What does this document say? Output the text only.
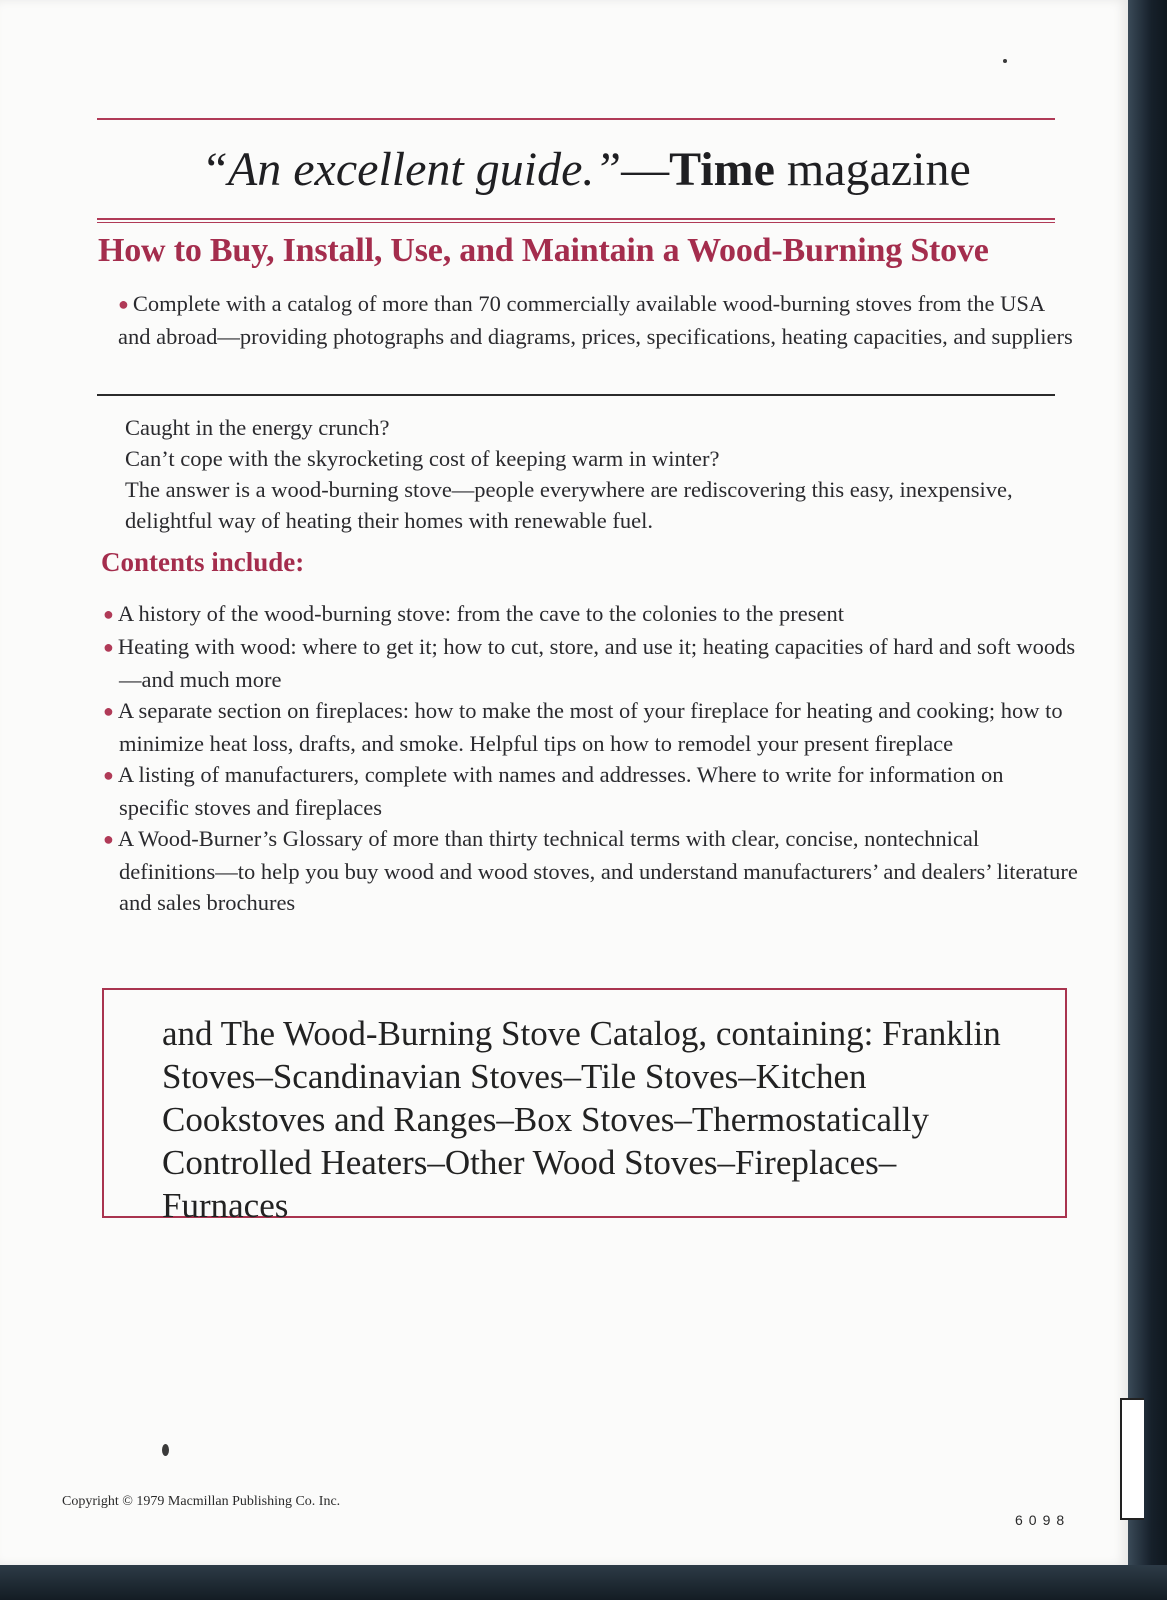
“An excellent guide.”—Time magazine
How to Buy, Install, Use, and Maintain a Wood-Burning Stove
● Complete with a catalog of more than 70 commercially available wood-burning stoves from the USA and abroad—providing photographs and diagrams, prices, specifications, heating capacities, and suppliers

Caught in the energy crunch?

Can’t cope with the skyrocketing cost of keeping warm in winter?

The answer is a wood-burning stove—people everywhere are rediscovering this easy, inexpensive, delightful way of heating their homes with renewable fuel.

Contents include:
● A history of the wood-burning stove: from the cave to the colonies to the present
● Heating with wood: where to get it; how to cut, store, and use it; heating capacities of hard and soft woods—and much more
● A separate section on fireplaces: how to make the most of your fireplace for heating and cooking; how to minimize heat loss, drafts, and smoke. Helpful tips on how to remodel your present fireplace
● A listing of manufacturers, complete with names and addresses. Where to write for information on specific stoves and fireplaces
● A Wood-Burner’s Glossary of more than thirty technical terms with clear, concise, nontechnical definitions—to help you buy wood and wood stoves, and understand manufacturers’ and dealers’ literature and sales brochures
and The Wood-Burning Stove Catalog, containing: Franklin Stoves–Scandinavian Stoves–Tile Stoves–Kitchen Cookstoves and Ranges–Box Stoves–Thermostatically Controlled Heaters–Other Wood Stoves–Fireplaces–Furnaces
Copyright © 1979 Macmillan Publishing Co. Inc.
6098
